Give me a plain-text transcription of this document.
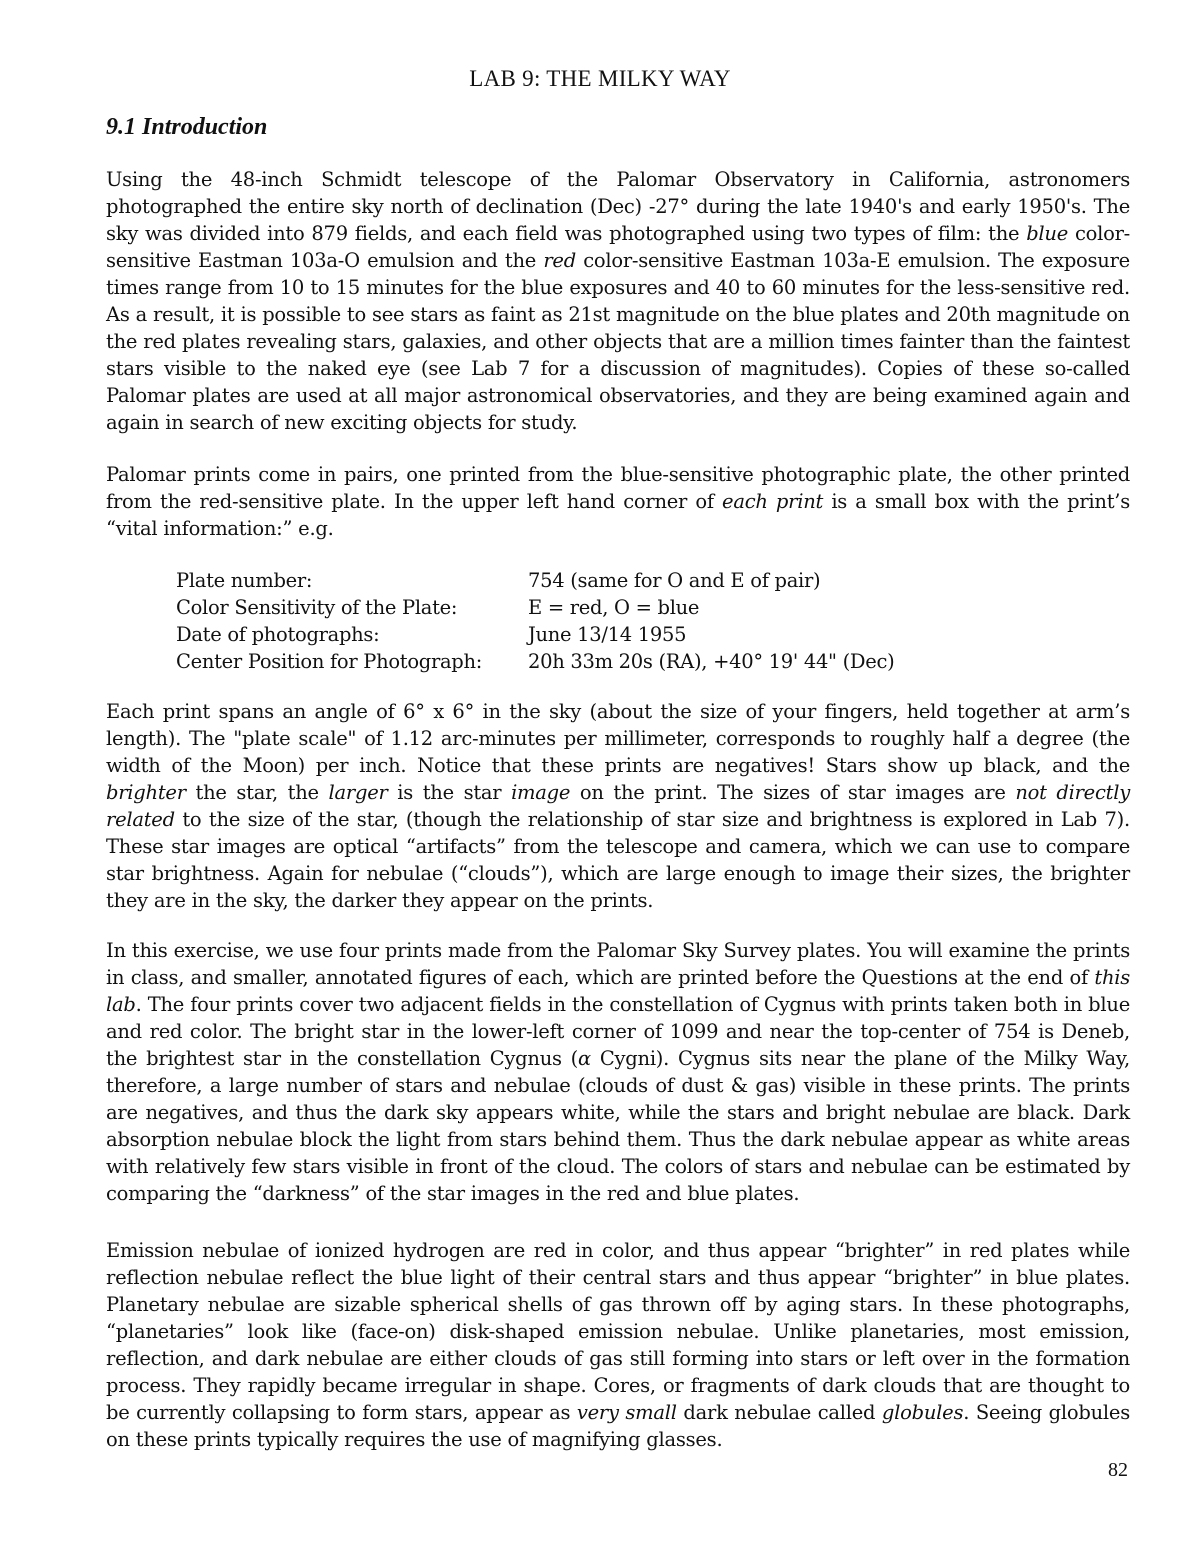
LAB 9: THE MILKY WAY
9.1 Introduction
Using the 48-inch Schmidt telescope of the Palomar Observatory in California, astronomers photographed the entire sky north of declination (Dec) -27° during the late 1940's and early 1950's. The sky was divided into 879 fields, and each field was photographed using two types of film: the blue color-sensitive Eastman 103a-O emulsion and the red color-sensitive Eastman 103a-E emulsion. The exposure times range from 10 to 15 minutes for the blue exposures and 40 to 60 minutes for the less-sensitive red. As a result, it is possible to see stars as faint as 21st magnitude on the blue plates and 20th magnitude on the red plates revealing stars, galaxies, and other objects that are a million times fainter than the faintest stars visible to the naked eye (see Lab 7 for a discussion of magnitudes). Copies of these so-called Palomar plates are used at all major astronomical observatories, and they are being examined again and again in search of new exciting objects for study.
Palomar prints come in pairs, one printed from the blue-sensitive photographic plate, the other printed from the red-sensitive plate. In the upper left hand corner of each print is a small box with the print’s “vital information:” e.g.
Plate number:	754 (same for O and E of pair)
Color Sensitivity of the Plate:	E = red, O = blue
Date of photographs:	June 13/14 1955
Center Position for Photograph:	20h 33m 20s (RA), +40° 19' 44" (Dec)
Each print spans an angle of 6° x 6° in the sky (about the size of your fingers, held together at arm’s length). The "plate scale" of 1.12 arc-minutes per millimeter, corresponds to roughly half a degree (the width of the Moon) per inch. Notice that these prints are negatives! Stars show up black, and the brighter the star, the larger is the star image on the print. The sizes of star images are not directly related to the size of the star, (though the relationship of star size and brightness is explored in Lab 7). These star images are optical “artifacts” from the telescope and camera, which we can use to compare star brightness. Again for nebulae (“clouds”), which are large enough to image their sizes, the brighter they are in the sky, the darker they appear on the prints.
In this exercise, we use four prints made from the Palomar Sky Survey plates. You will examine the prints in class, and smaller, annotated figures of each, which are printed before the Questions at the end of this lab. The four prints cover two adjacent fields in the constellation of Cygnus with prints taken both in blue and red color. The bright star in the lower-left corner of 1099 and near the top-center of 754 is Deneb, the brightest star in the constellation Cygnus (α Cygni). Cygnus sits near the plane of the Milky Way, therefore, a large number of stars and nebulae (clouds of dust & gas) visible in these prints. The prints are negatives, and thus the dark sky appears white, while the stars and bright nebulae are black. Dark absorption nebulae block the light from stars behind them. Thus the dark nebulae appear as white areas with relatively few stars visible in front of the cloud. The colors of stars and nebulae can be estimated by comparing the “darkness” of the star images in the red and blue plates.
Emission nebulae of ionized hydrogen are red in color, and thus appear “brighter” in red plates while reflection nebulae reflect the blue light of their central stars and thus appear “brighter” in blue plates. Planetary nebulae are sizable spherical shells of gas thrown off by aging stars. In these photographs, “planetaries” look like (face-on) disk-shaped emission nebulae. Unlike planetaries, most emission, reflection, and dark nebulae are either clouds of gas still forming into stars or left over in the formation process. They rapidly became irregular in shape. Cores, or fragments of dark clouds that are thought to be currently collapsing to form stars, appear as very small dark nebulae called globules. Seeing globules on these prints typically requires the use of magnifying glasses.
82
